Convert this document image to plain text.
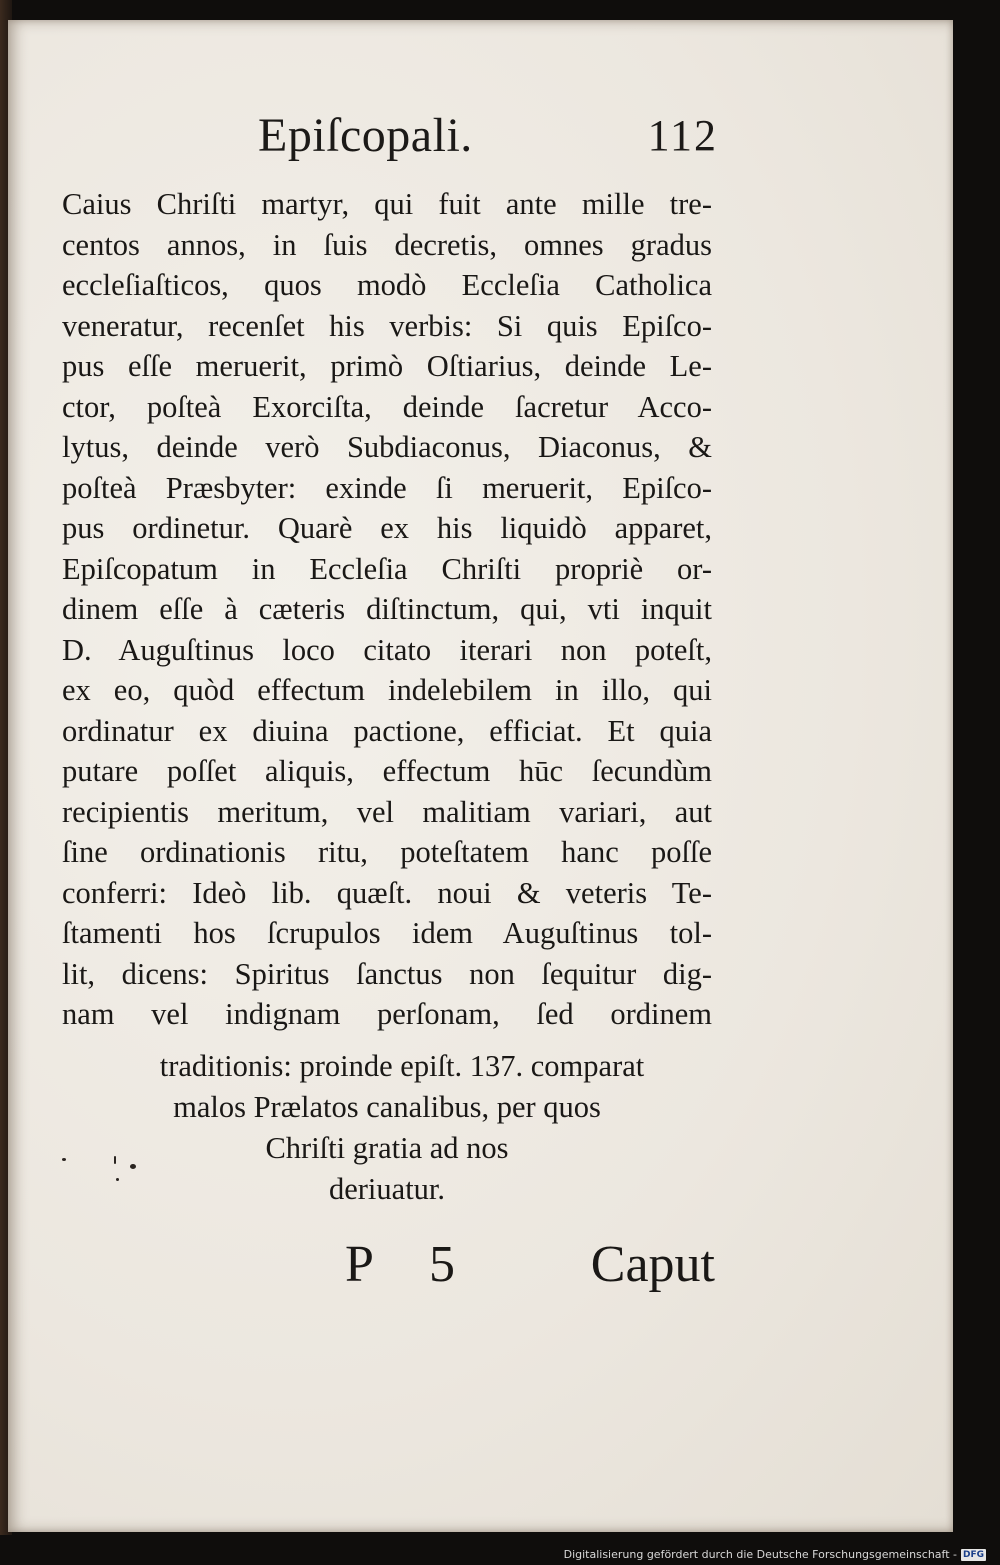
Epiſcopali.	112
Caius Chriſti martyr, qui fuit ante mille tre-
centos annos, in ſuis decretis, omnes gradus
eccleſiaſticos, quos modò Eccleſia Catholica
veneratur, recenſet his verbis: Si quis Epiſco-
pus eſſe meruerit, primò Oſtiarius, deinde Le-
ctor, poſteà Exorciſta, deinde ſacretur Acco-
lytus, deinde verò Subdiaconus, Diaconus, &
poſteà Præsbyter: exinde ſi meruerit, Epiſco-
pus ordinetur. Quarè ex his liquidò apparet,
Epiſcopatum in Eccleſia Chriſti propriè or-
dinem eſſe à cæteris diſtinctum, qui, vti inquit
D. Auguſtinus loco citato iterari non poteſt,
ex eo, quòd effectum indelebilem in illo, qui
ordinatur ex diuina pactione, efficiat. Et quia
putare poſſet aliquis, effectum hūc ſecundùm
recipientis meritum, vel malitiam variari, aut
ſine ordinationis ritu, poteſtatem hanc poſſe
conferri: Ideò lib. quæſt. noui & veteris Te-
ſtamenti hos ſcrupulos idem Auguſtinus tol-
lit, dicens: Spiritus ſanctus non ſequitur dig-
nam vel indignam perſonam, ſed ordinem
traditionis: proinde epiſt. 137. comparat
malos Prælatos canalibus, per quos
Chriſti gratia ad nos
deriuatur.
P 5 Caput
Digitalisierung gefördert durch die Deutsche Forschungsgemeinschaft - DFG
